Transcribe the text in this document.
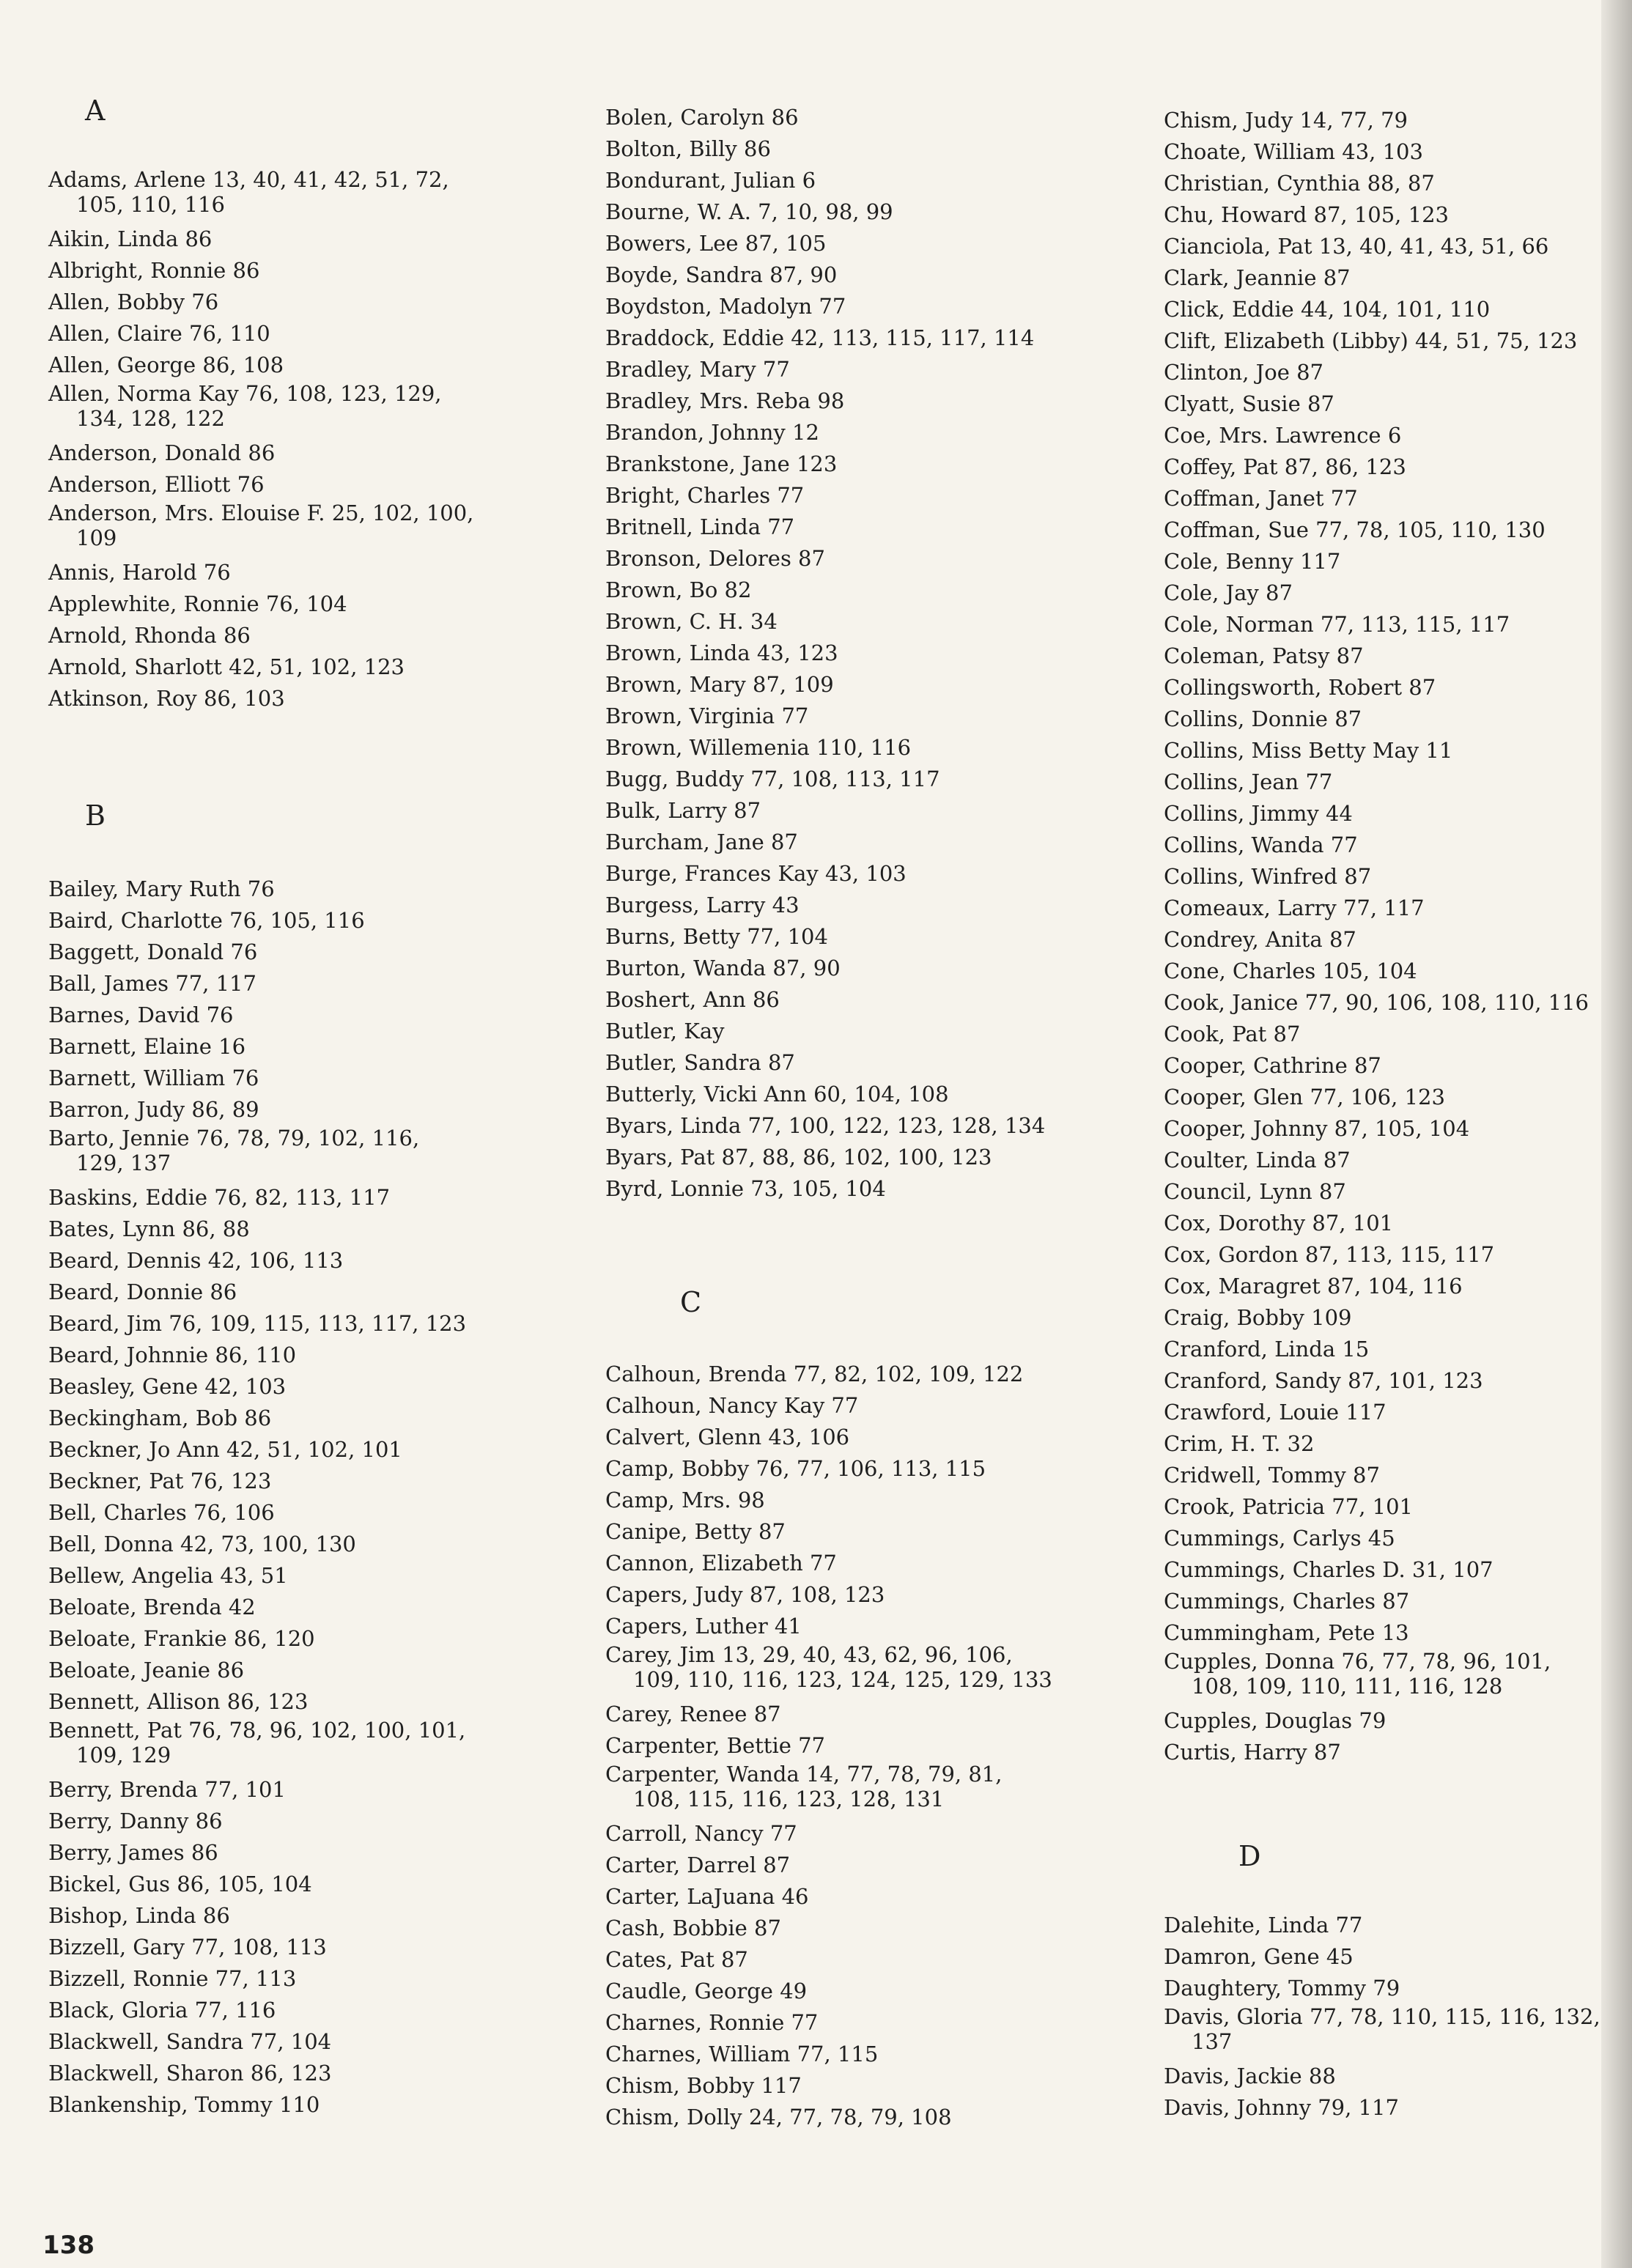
A
Adams, Arlene 13, 40, 41, 42, 51, 72,
105, 110, 116
Aikin, Linda 86
Albright, Ronnie 86
Allen, Bobby 76
Allen, Claire 76, 110
Allen, George 86, 108
Allen, Norma Kay 76, 108, 123, 129,
134, 128, 122
Anderson, Donald 86
Anderson, Elliott 76
Anderson, Mrs. Elouise F. 25, 102, 100,
109
Annis, Harold 76
Applewhite, Ronnie 76, 104
Arnold, Rhonda 86
Arnold, Sharlott 42, 51, 102, 123
Atkinson, Roy 86, 103
B
Bailey, Mary Ruth 76
Baird, Charlotte 76, 105, 116
Baggett, Donald 76
Ball, James 77, 117
Barnes, David 76
Barnett, Elaine 16
Barnett, William 76
Barron, Judy 86, 89
Barto, Jennie 76, 78, 79, 102, 116,
129, 137
Baskins, Eddie 76, 82, 113, 117
Bates, Lynn 86, 88
Beard, Dennis 42, 106, 113
Beard, Donnie 86
Beard, Jim 76, 109, 115, 113, 117, 123
Beard, Johnnie 86, 110
Beasley, Gene 42, 103
Beckingham, Bob 86
Beckner, Jo Ann 42, 51, 102, 101
Beckner, Pat 76, 123
Bell, Charles 76, 106
Bell, Donna 42, 73, 100, 130
Bellew, Angelia 43, 51
Beloate, Brenda 42
Beloate, Frankie 86, 120
Beloate, Jeanie 86
Bennett, Allison 86, 123
Bennett, Pat 76, 78, 96, 102, 100, 101,
109, 129
Berry, Brenda 77, 101
Berry, Danny 86
Berry, James 86
Bickel, Gus 86, 105, 104
Bishop, Linda 86
Bizzell, Gary 77, 108, 113
Bizzell, Ronnie 77, 113
Black, Gloria 77, 116
Blackwell, Sandra 77, 104
Blackwell, Sharon 86, 123
Blankenship, Tommy 110
Bolen, Carolyn 86
Bolton, Billy 86
Bondurant, Julian 6
Bourne, W. A. 7, 10, 98, 99
Bowers, Lee 87, 105
Boyde, Sandra 87, 90
Boydston, Madolyn 77
Braddock, Eddie 42, 113, 115, 117, 114
Bradley, Mary 77
Bradley, Mrs. Reba 98
Brandon, Johnny 12
Brankstone, Jane 123
Bright, Charles 77
Britnell, Linda 77
Bronson, Delores 87
Brown, Bo 82
Brown, C. H. 34
Brown, Linda 43, 123
Brown, Mary 87, 109
Brown, Virginia 77
Brown, Willemenia 110, 116
Bugg, Buddy 77, 108, 113, 117
Bulk, Larry 87
Burcham, Jane 87
Burge, Frances Kay 43, 103
Burgess, Larry 43
Burns, Betty 77, 104
Burton, Wanda 87, 90
Boshert, Ann 86
Butler, Kay
Butler, Sandra 87
Butterly, Vicki Ann 60, 104, 108
Byars, Linda 77, 100, 122, 123, 128, 134
Byars, Pat 87, 88, 86, 102, 100, 123
Byrd, Lonnie 73, 105, 104
C
Calhoun, Brenda 77, 82, 102, 109, 122
Calhoun, Nancy Kay 77
Calvert, Glenn 43, 106
Camp, Bobby 76, 77, 106, 113, 115
Camp, Mrs. 98
Canipe, Betty 87
Cannon, Elizabeth 77
Capers, Judy 87, 108, 123
Capers, Luther 41
Carey, Jim 13, 29, 40, 43, 62, 96, 106,
109, 110, 116, 123, 124, 125, 129, 133
Carey, Renee 87
Carpenter, Bettie 77
Carpenter, Wanda 14, 77, 78, 79, 81,
108, 115, 116, 123, 128, 131
Carroll, Nancy 77
Carter, Darrel 87
Carter, LaJuana 46
Cash, Bobbie 87
Cates, Pat 87
Caudle, George 49
Charnes, Ronnie 77
Charnes, William 77, 115
Chism, Bobby 117
Chism, Dolly 24, 77, 78, 79, 108
Chism, Judy 14, 77, 79
Choate, William 43, 103
Christian, Cynthia 88, 87
Chu, Howard 87, 105, 123
Cianciola, Pat 13, 40, 41, 43, 51, 66
Clark, Jeannie 87
Click, Eddie 44, 104, 101, 110
Clift, Elizabeth (Libby) 44, 51, 75, 123
Clinton, Joe 87
Clyatt, Susie 87
Coe, Mrs. Lawrence 6
Coffey, Pat 87, 86, 123
Coffman, Janet 77
Coffman, Sue 77, 78, 105, 110, 130
Cole, Benny 117
Cole, Jay 87
Cole, Norman 77, 113, 115, 117
Coleman, Patsy 87
Collingsworth, Robert 87
Collins, Donnie 87
Collins, Miss Betty May 11
Collins, Jean 77
Collins, Jimmy 44
Collins, Wanda 77
Collins, Winfred 87
Comeaux, Larry 77, 117
Condrey, Anita 87
Cone, Charles 105, 104
Cook, Janice 77, 90, 106, 108, 110, 116
Cook, Pat 87
Cooper, Cathrine 87
Cooper, Glen 77, 106, 123
Cooper, Johnny 87, 105, 104
Coulter, Linda 87
Council, Lynn 87
Cox, Dorothy 87, 101
Cox, Gordon 87, 113, 115, 117
Cox, Maragret 87, 104, 116
Craig, Bobby 109
Cranford, Linda 15
Cranford, Sandy 87, 101, 123
Crawford, Louie 117
Crim, H. T. 32
Cridwell, Tommy 87
Crook, Patricia 77, 101
Cummings, Carlys 45
Cummings, Charles D. 31, 107
Cummings, Charles 87
Cummingham, Pete 13
Cupples, Donna 76, 77, 78, 96, 101,
108, 109, 110, 111, 116, 128
Cupples, Douglas 79
Curtis, Harry 87
D
Dalehite, Linda 77
Damron, Gene 45
Daughtery, Tommy 79
Davis, Gloria 77, 78, 110, 115, 116, 132,
137
Davis, Jackie 88
Davis, Johnny 79, 117
138
